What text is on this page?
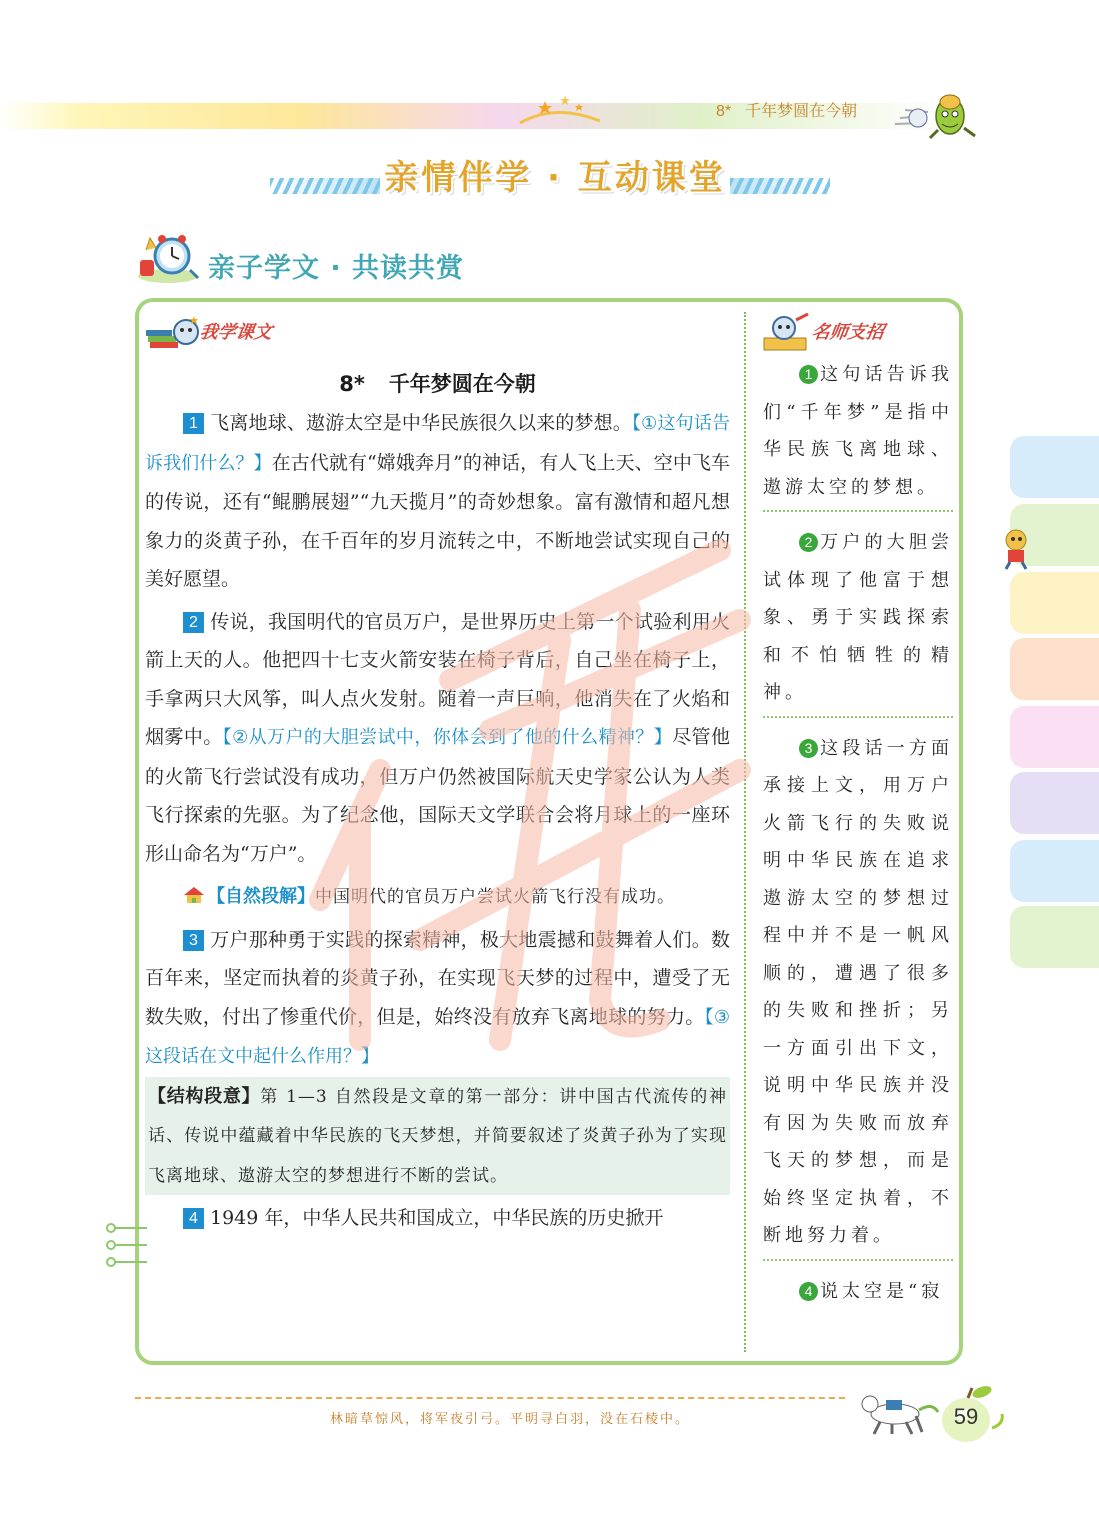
8* 千年梦圆在今朝
亲情伴学 · 互动课堂
亲子学文 · 共读共赏
我学课文	名师支招
8* 千年梦圆在今朝

1 飞离地球、遨游太空是中华民族很久以来的梦想。【①这句话告诉我们什么？】在古代就有“嫦娥奔月”的神话，有人飞上天、空中飞车的传说，还有“鲲鹏展翅”“九天揽月”的奇妙想象。富有激情和超凡想象力的炎黄子孙，在千百年的岁月流转之中，不断地尝试实现自己的美好愿望。

2 传说，我国明代的官员万户，是世界历史上第一个试验利用火箭上天的人。他把四十七支火箭安装在椅子背后，自己坐在椅子上，手拿两只大风筝，叫人点火发射。随着一声巨响，他消失在了火焰和烟雾中。【②从万户的大胆尝试中，你体会到了他的什么精神？】尽管他的火箭飞行尝试没有成功，但万户仍然被国际航天史学家公认为人类飞行探索的先驱。为了纪念他，国际天文学联合会将月球上的一座环形山命名为“万户”。

【自然段解】中国明代的官员万户尝试火箭飞行没有成功。

3 万户那种勇于实践的探索精神，极大地震撼和鼓舞着人们。数百年来，坚定而执着的炎黄子孙，在实现飞天梦的过程中，遭受了无数失败，付出了惨重代价，但是，始终没有放弃飞离地球的努力。【③这段话在文中起什么作用？】

【结构段意】第 1—3 自然段是文章的第一部分：讲中国古代流传的神话、传说中蕴藏着中华民族的飞天梦想，并简要叙述了炎黄子孙为了实现飞离地球、遨游太空的梦想进行不断的尝试。

4 1949 年，中华人民共和国成立，中华民族的历史掀开

1 这句话告诉我们“千年梦”是指中华民族飞离地球、遨游太空的梦想。
2 万户的大胆尝试体现了他富于想象、勇于实践探索和不怕牺牲的精神。
3 这段话一方面承接上文，用万户火箭飞行的失败说明中华民族在追求遨游太空的梦想过程中并不是一帆风顺的，遭遇了很多的失败和挫折；另一方面引出下文，说明中华民族并没有因为失败而放弃飞天的梦想，而是始终坚定执着，不断地努力着。
4 说太空是“寂
林暗草惊风，将军夜引弓。平明寻白羽，没在石棱中。	59
